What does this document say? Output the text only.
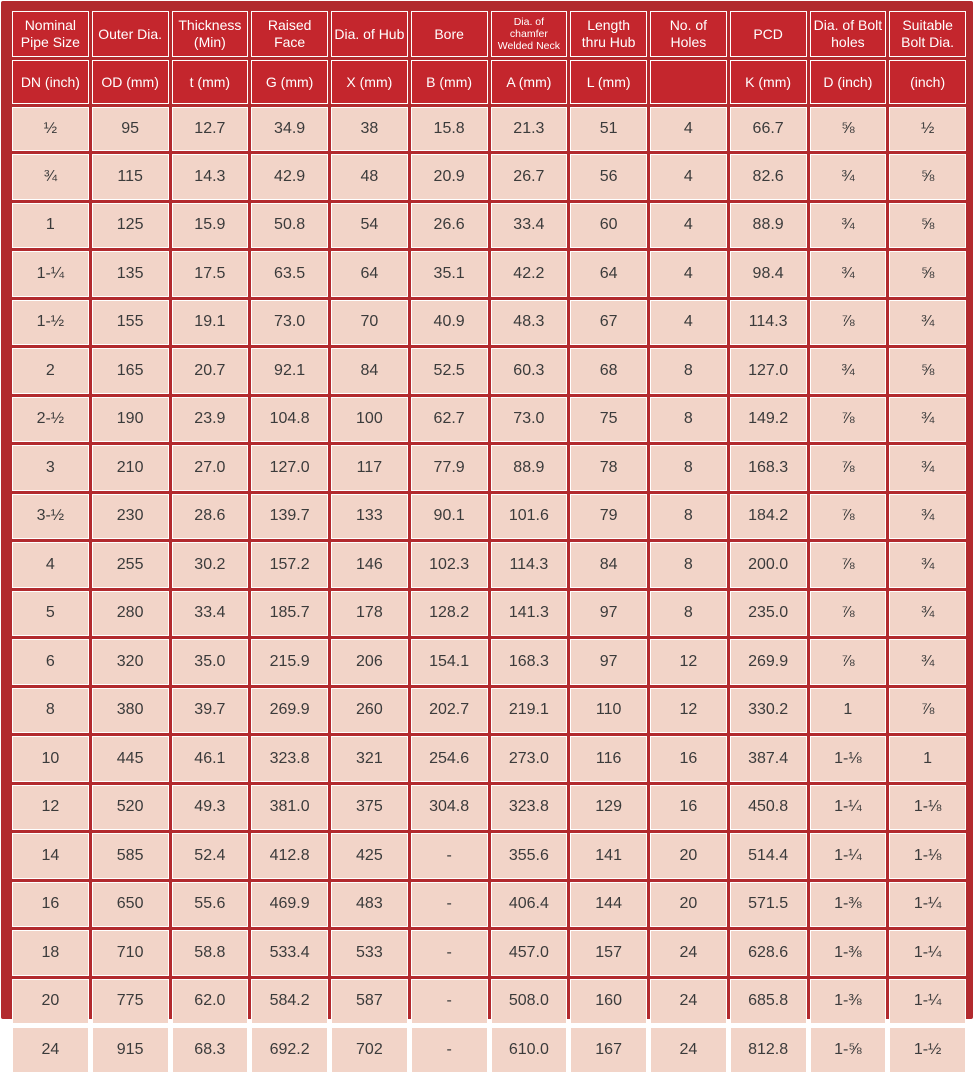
Nominal Pipe Size	Outer Dia.	Thickness (Min)	Raised Face	Dia. of Hub	Bore	Dia. of chamfer Welded Neck	Length thru Hub	No. of Holes	PCD	Dia. of Bolt holes	Suitable Bolt Dia.
DN (inch)	OD (mm)	t (mm)	G (mm)	X (mm)	B (mm)	A (mm)	L (mm)		K (mm)	D (inch)	(inch)
½	95	12.7	34.9	38	15.8	21.3	51	4	66.7	⅝	½
¾	115	14.3	42.9	48	20.9	26.7	56	4	82.6	¾	⅝
1	125	15.9	50.8	54	26.6	33.4	60	4	88.9	¾	⅝
1-¼	135	17.5	63.5	64	35.1	42.2	64	4	98.4	¾	⅝
1-½	155	19.1	73.0	70	40.9	48.3	67	4	114.3	⅞	¾
2	165	20.7	92.1	84	52.5	60.3	68	8	127.0	¾	⅝
2-½	190	23.9	104.8	100	62.7	73.0	75	8	149.2	⅞	¾
3	210	27.0	127.0	117	77.9	88.9	78	8	168.3	⅞	¾
3-½	230	28.6	139.7	133	90.1	101.6	79	8	184.2	⅞	¾
4	255	30.2	157.2	146	102.3	114.3	84	8	200.0	⅞	¾
5	280	33.4	185.7	178	128.2	141.3	97	8	235.0	⅞	¾
6	320	35.0	215.9	206	154.1	168.3	97	12	269.9	⅞	¾
8	380	39.7	269.9	260	202.7	219.1	110	12	330.2	1	⅞
10	445	46.1	323.8	321	254.6	273.0	116	16	387.4	1-⅛	1
12	520	49.3	381.0	375	304.8	323.8	129	16	450.8	1-¼	1-⅛
14	585	52.4	412.8	425	-	355.6	141	20	514.4	1-¼	1-⅛
16	650	55.6	469.9	483	-	406.4	144	20	571.5	1-⅜	1-¼
18	710	58.8	533.4	533	-	457.0	157	24	628.6	1-⅜	1-¼
20	775	62.0	584.2	587	-	508.0	160	24	685.8	1-⅜	1-¼
24	915	68.3	692.2	702	-	610.0	167	24	812.8	1-⅝	1-½
